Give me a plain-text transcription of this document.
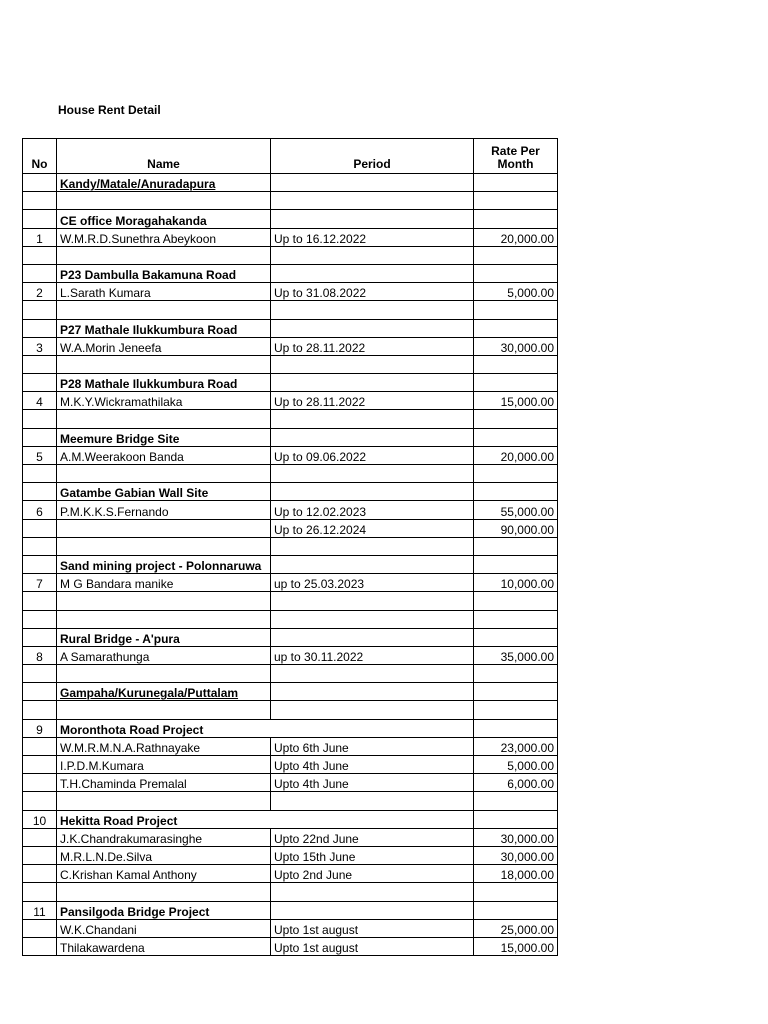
House Rent Detail
No	Name	Period	Rate Per Month
	Kandy/Matale/Anuradapura		

	CE office Moragahakanda		
1	W.M.R.D.Sunethra Abeykoon	Up to 16.12.2022	20,000.00

	P23 Dambulla Bakamuna Road		
2	L.Sarath Kumara	Up to 31.08.2022	5,000.00

	P27 Mathale Ilukkumbura Road		
3	W.A.Morin Jeneefa	Up to 28.11.2022	30,000.00

	P28 Mathale Ilukkumbura Road		
4	M.K.Y.Wickramathilaka	Up to 28.11.2022	15,000.00

	Meemure Bridge Site		
5	A.M.Weerakoon Banda	Up to 09.06.2022	20,000.00

	Gatambe Gabian Wall Site		
6	P.M.K.K.S.Fernando	Up to 12.02.2023	55,000.00
		Up to 26.12.2024	90,000.00

	Sand mining project - Polonnaruwa		
7	M G Bandara manike	up to 25.03.2023	10,000.00

	Rural Bridge - A'pura		
8	A Samarathunga	up to 30.11.2022	35,000.00

	Gampaha/Kurunegala/Puttalam		

9	Moronthota Road Project		
	W.M.R.M.N.A.Rathnayake	Upto 6th June	23,000.00
	I.P.D.M.Kumara	Upto 4th June	5,000.00
	T.H.Chaminda Premalal	Upto 4th June	6,000.00

10	Hekitta Road Project		
	J.K.Chandrakumarasinghe	Upto 22nd June	30,000.00
	M.R.L.N.De.Silva	Upto 15th June	30,000.00
	C.Krishan Kamal Anthony	Upto 2nd June	18,000.00

11	Pansilgoda Bridge Project		
	W.K.Chandani	Upto 1st august	25,000.00
	Thilakawardena	Upto 1st august	15,000.00
